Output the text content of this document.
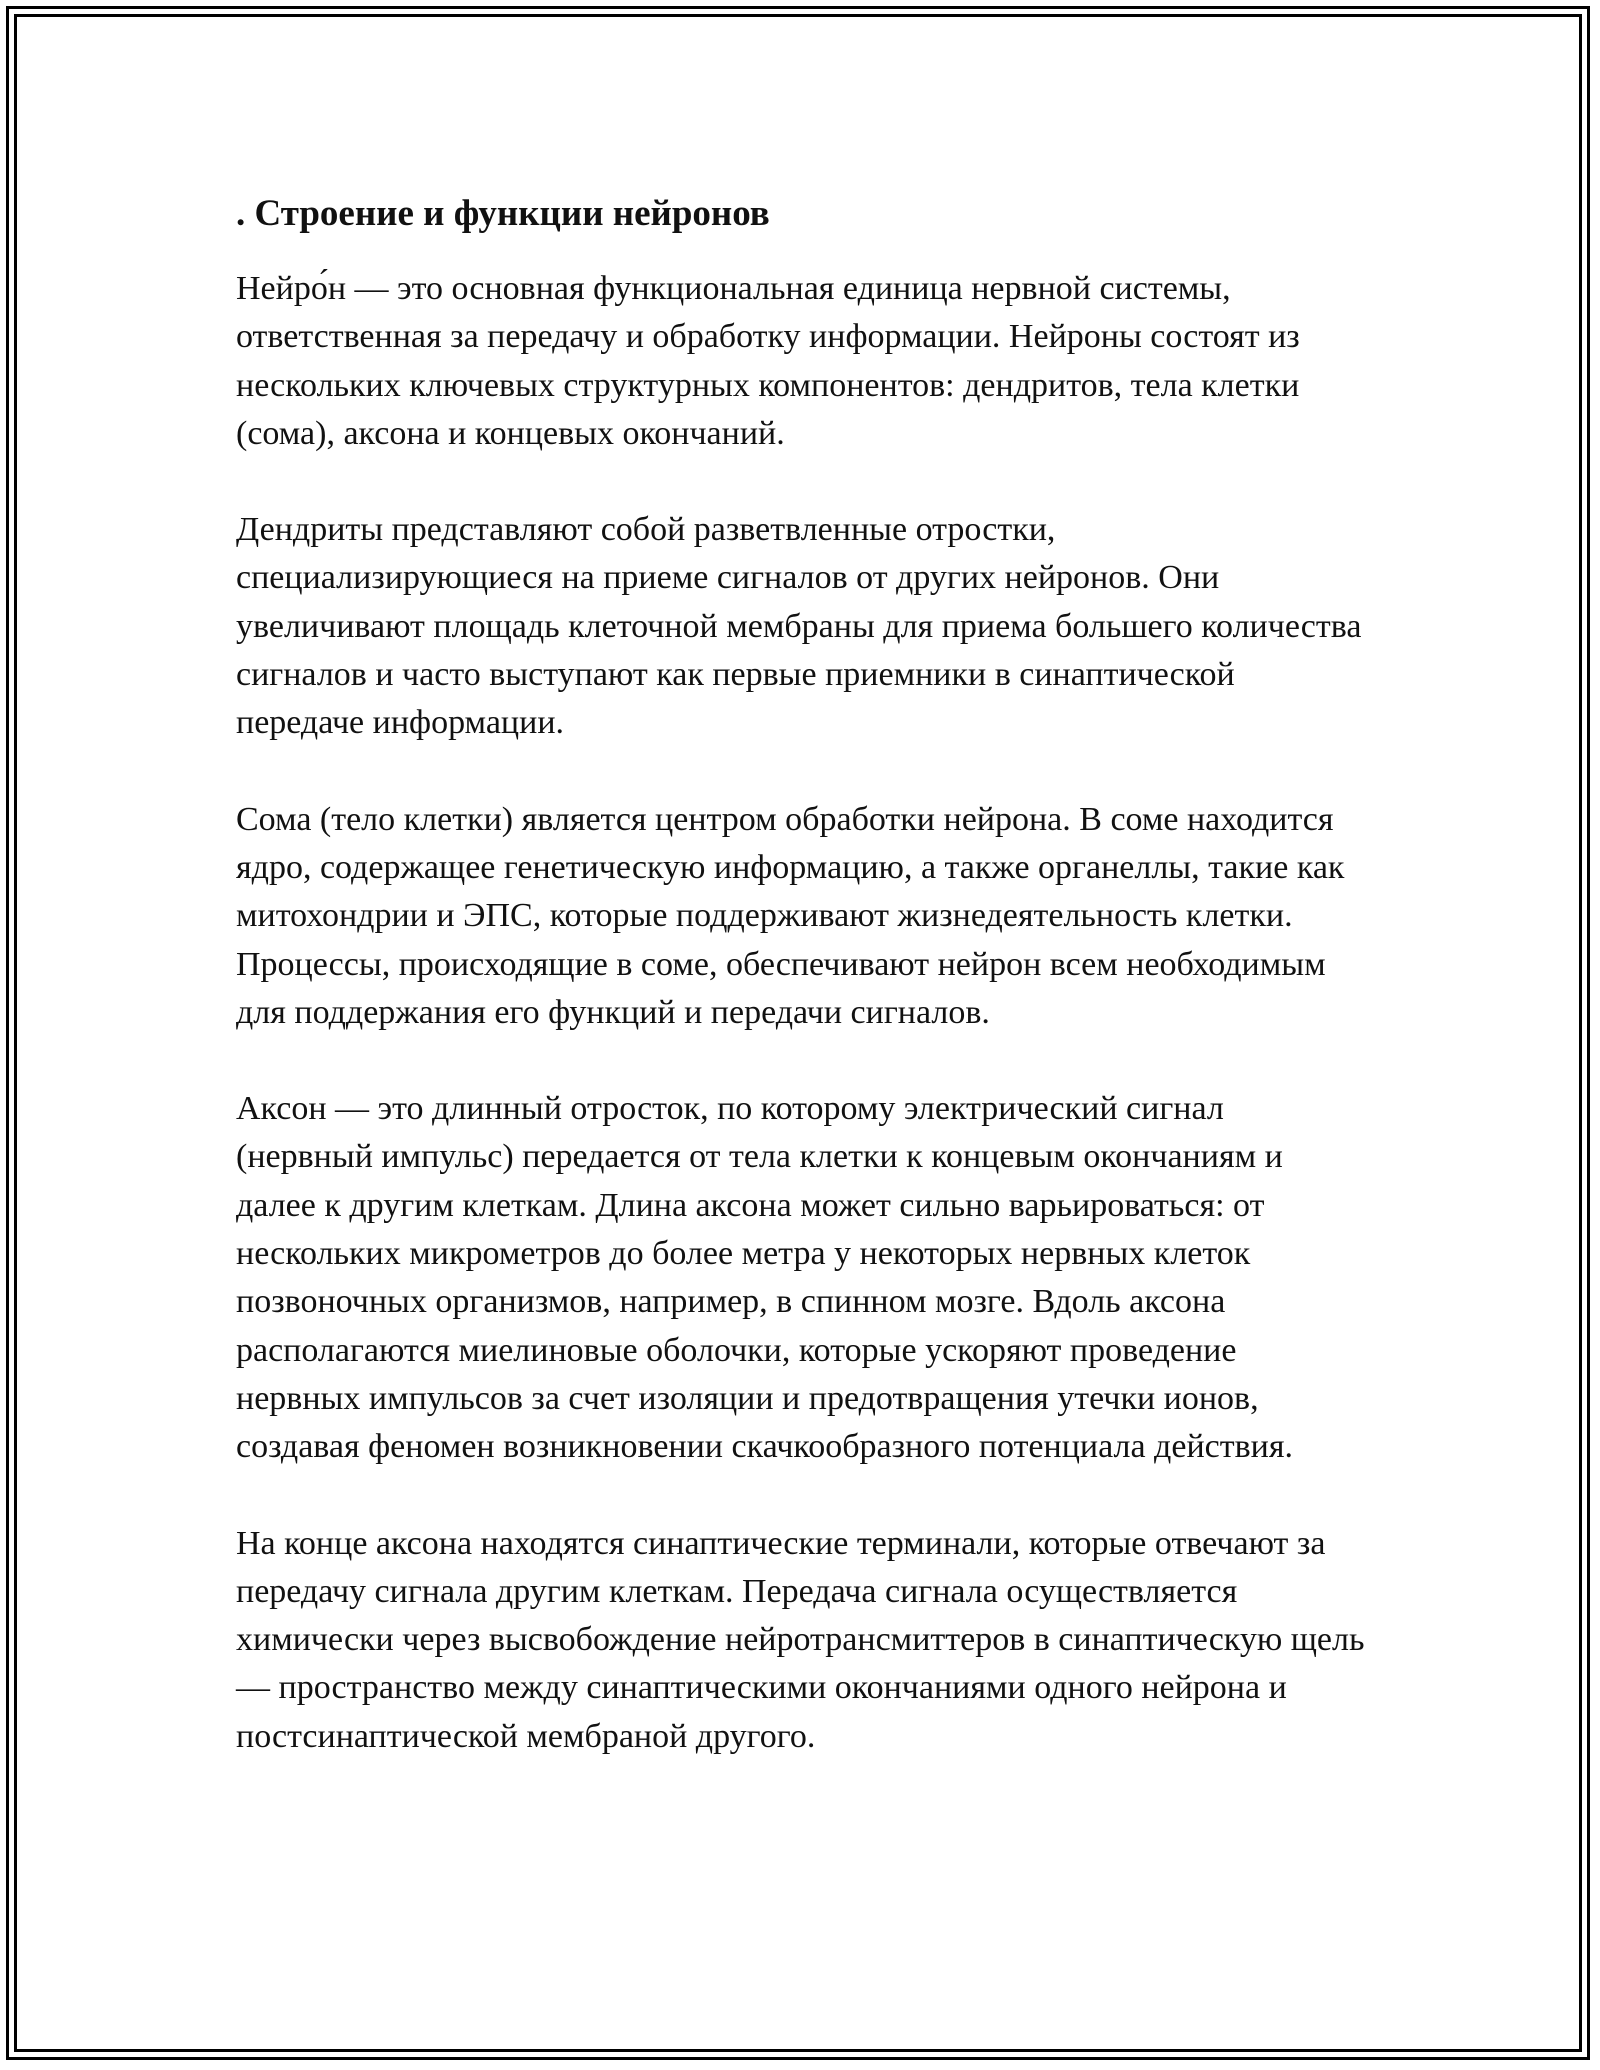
. Строение и функции нейронов

Нейро́н — это основная функциональная единица нервной системы, ответственная за передачу и обработку информации. Нейроны состоят из нескольких ключевых структурных компонентов: дендритов, тела клетки (сома), аксона и концевых окончаний.

Дендриты представляют собой разветвленные отростки, специализирующиеся на приеме сигналов от других нейронов. Они увеличивают площадь клеточной мембраны для приема большего количества сигналов и часто выступают как первые приемники в синаптической передаче информации.

Сома (тело клетки) является центром обработки нейрона. В соме находится ядро, содержащее генетическую информацию, а также органеллы, такие как митохондрии и ЭПС, которые поддерживают жизнедеятельность клетки. Процессы, происходящие в соме, обеспечивают нейрон всем необходимым для поддержания его функций и передачи сигналов.

Аксон — это длинный отросток, по которому электрический сигнал (нервный импульс) передается от тела клетки к концевым окончаниям и далее к другим клеткам. Длина аксона может сильно варьироваться: от нескольких микрометров до более метра у некоторых нервных клеток позвоночных организмов, например, в спинном мозге. Вдоль аксона располагаются миелиновые оболочки, которые ускоряют проведение нервных импульсов за счет изоляции и предотвращения утечки ионов, создавая феномен возникновении скачкообразного потенциала действия.

На конце аксона находятся синаптические терминали, которые отвечают за передачу сигнала другим клеткам. Передача сигнала осуществляется химически через высвобождение нейротрансмиттеров в синаптическую щель — пространство между синаптическими окончаниями одного нейрона и постсинаптической мембраной другого.
